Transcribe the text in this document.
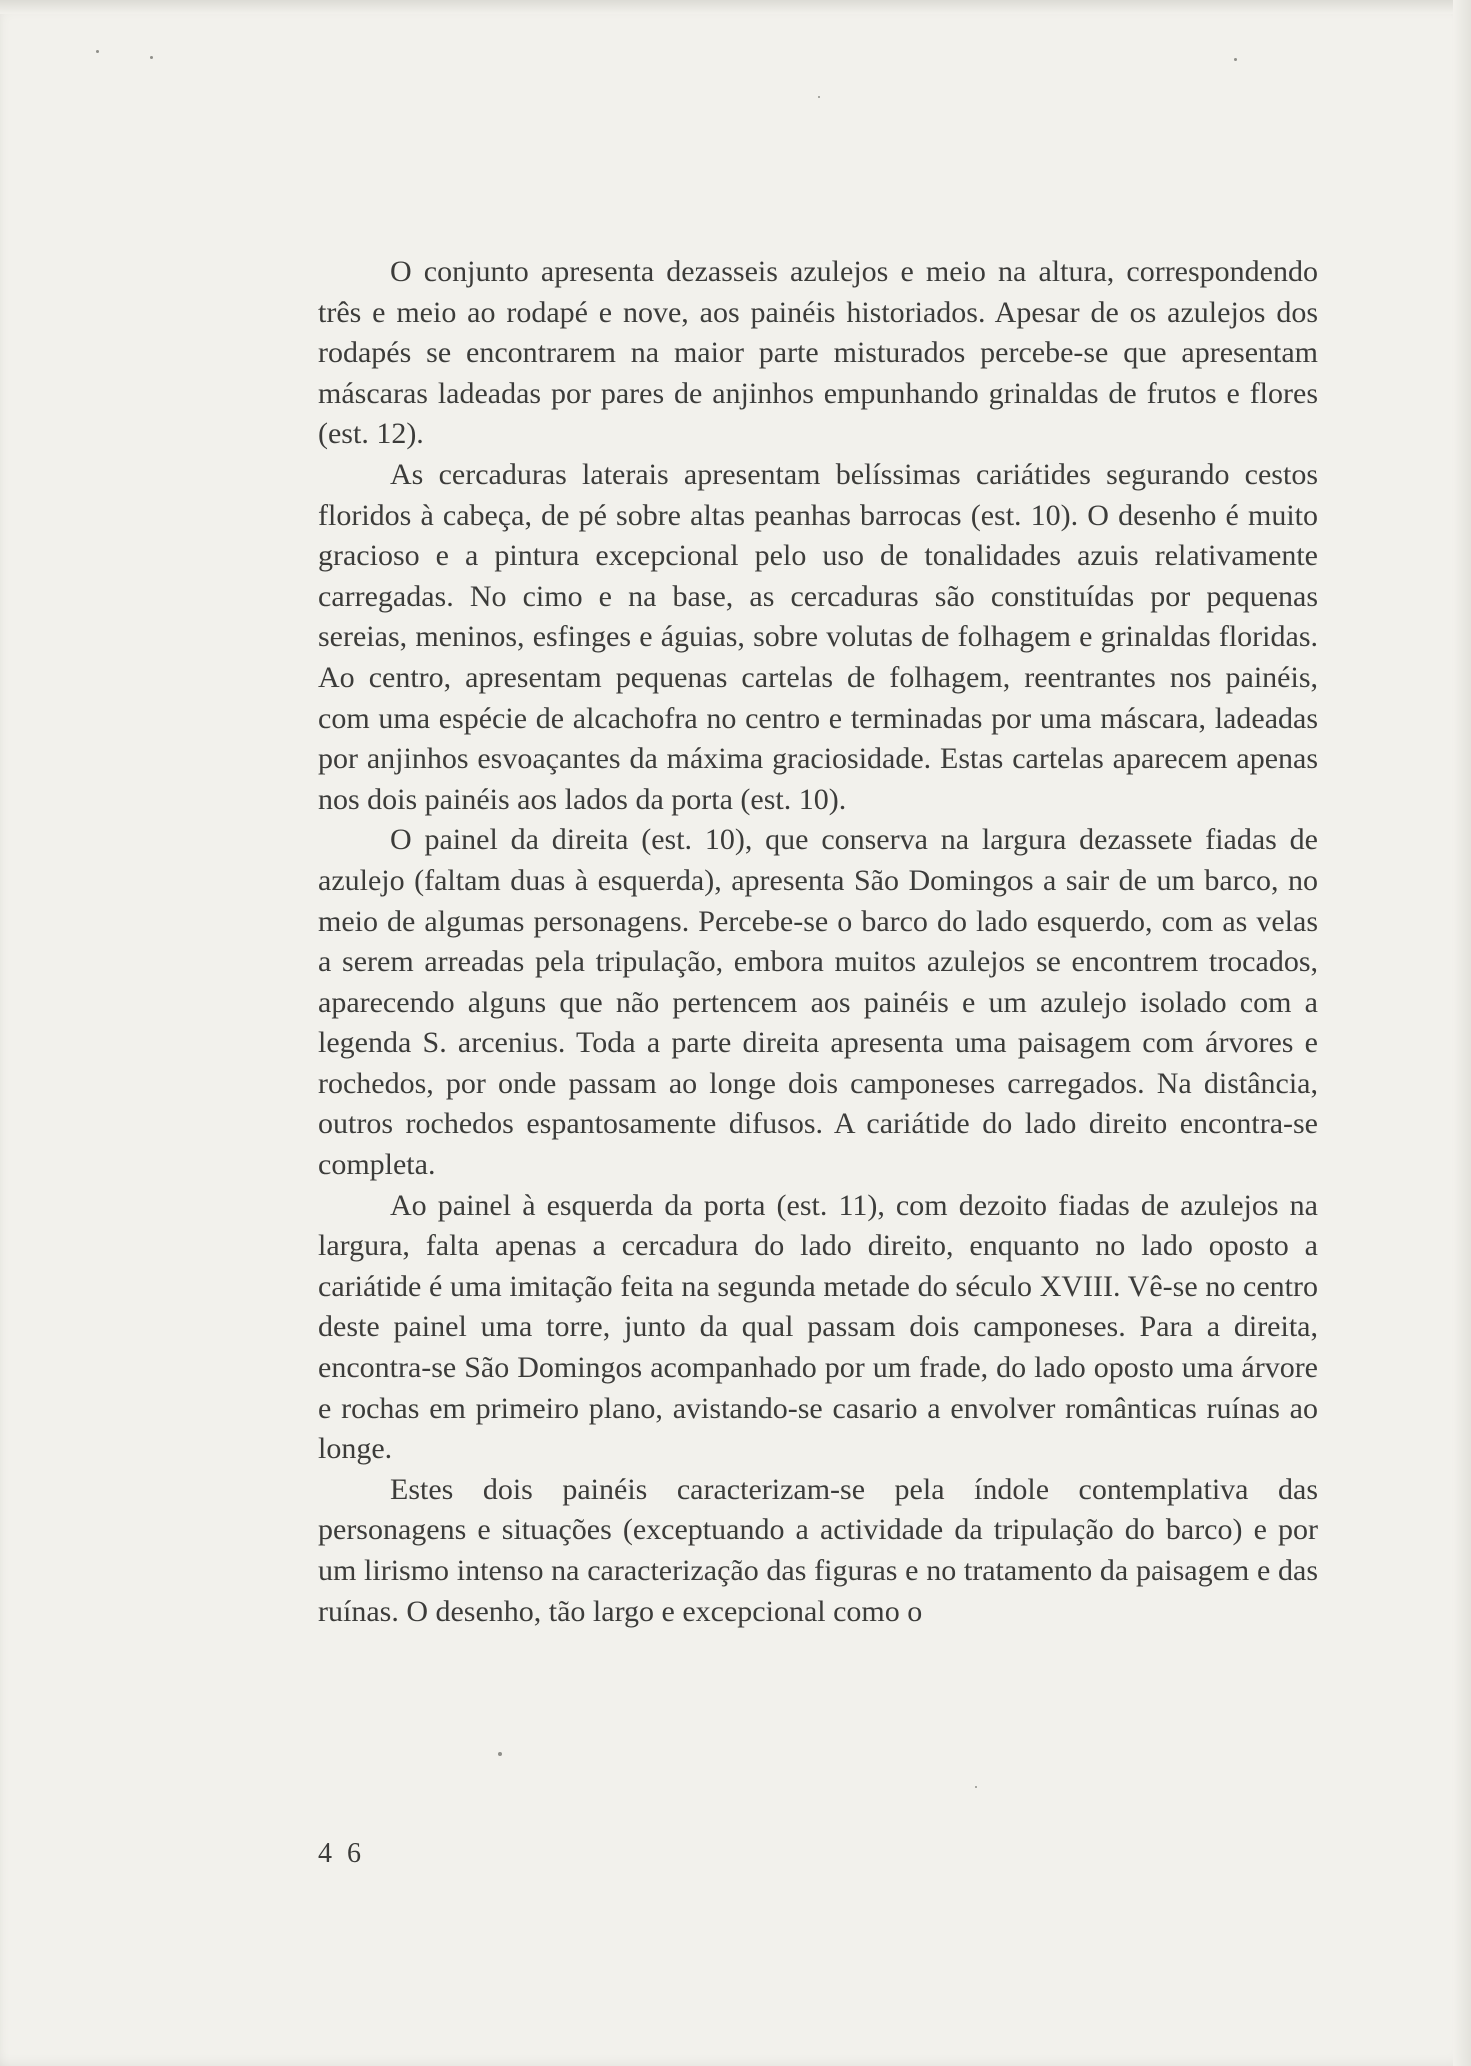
O conjunto apresenta dezasseis azulejos e meio na altura, correspondendo três e meio ao rodapé e nove, aos painéis historiados. Apesar de os azulejos dos rodapés se encontrarem na maior parte misturados percebe-se que apresentam máscaras ladeadas por pares de anjinhos empunhando grinaldas de frutos e flores (est. 12).

As cercaduras laterais apresentam belíssimas cariátides segurando cestos floridos à cabeça, de pé sobre altas peanhas barrocas (est. 10). O desenho é muito gracioso e a pintura excepcional pelo uso de tonalidades azuis relativamente carregadas. No cimo e na base, as cercaduras são constituídas por pequenas sereias, meninos, esfinges e águias, sobre volutas de folhagem e grinaldas floridas. Ao centro, apresentam pequenas cartelas de folhagem, reentrantes nos painéis, com uma espécie de alcachofra no centro e terminadas por uma máscara, ladeadas por anjinhos esvoaçantes da máxima graciosidade. Estas cartelas aparecem apenas nos dois painéis aos lados da porta (est. 10).

O painel da direita (est. 10), que conserva na largura dezassete fiadas de azulejo (faltam duas à esquerda), apresenta São Domingos a sair de um barco, no meio de algumas personagens. Percebe-se o barco do lado esquerdo, com as velas a serem arreadas pela tripulação, embora muitos azulejos se encontrem trocados, aparecendo alguns que não pertencem aos painéis e um azulejo isolado com a legenda S. arcenius. Toda a parte direita apresenta uma paisagem com árvores e rochedos, por onde passam ao longe dois camponeses carregados. Na distância, outros rochedos espantosamente difusos. A cariátide do lado direito encontra-se completa.

Ao painel à esquerda da porta (est. 11), com dezoito fiadas de azulejos na largura, falta apenas a cercadura do lado direito, enquanto no lado oposto a cariátide é uma imitação feita na segunda metade do século XVIII. Vê-se no centro deste painel uma torre, junto da qual passam dois camponeses. Para a direita, encontra-se São Domingos acompanhado por um frade, do lado oposto uma árvore e rochas em primeiro plano, avistando-se casario a envolver românticas ruínas ao longe.

Estes dois painéis caracterizam-se pela índole contemplativa das personagens e situações (exceptuando a actividade da tripulação do barco) e por um lirismo intenso na caracterização das figuras e no tratamento da paisagem e das ruínas. O desenho, tão largo e excepcional como o

4 6
